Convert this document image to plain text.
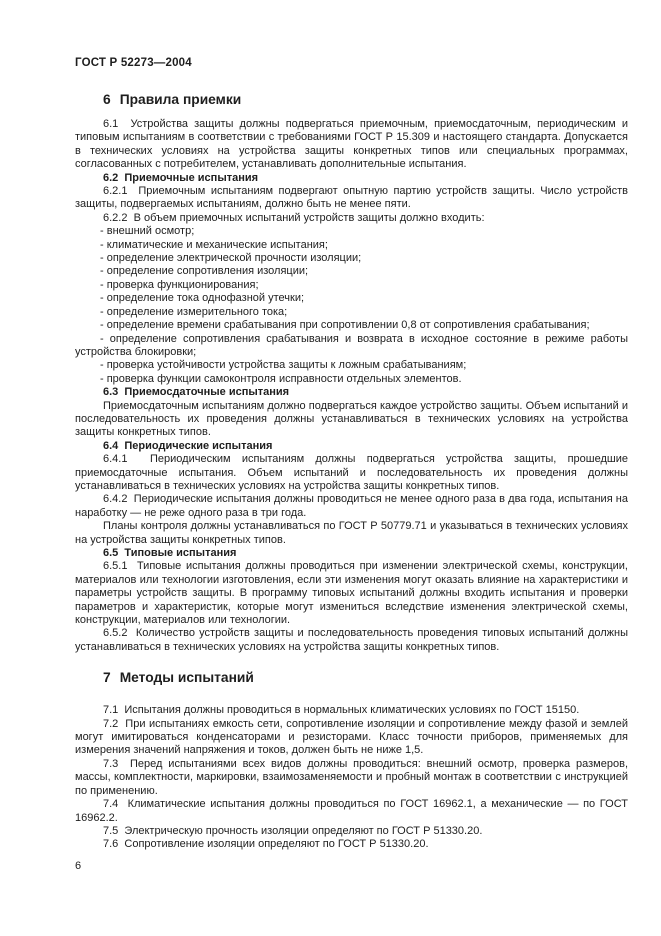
ГОСТ Р 52273—2004
6 Правила приемки

6.1  Устройства защиты должны подвергаться приемочным, приемосдаточным, периодическим и типовым испытаниям в соответствии с требованиями ГОСТ Р 15.309 и настоящего стандарта. Допускается в технических условиях на устройства защиты конкретных типов или специальных программах, согласованных с потребителем, устанавливать дополнительные испытания.

6.2  Приемочные испытания

6.2.1  Приемочным испытаниям подвергают опытную партию устройств защиты. Число устройств защиты, подвергаемых испытаниям, должно быть не менее пяти.

6.2.2  В объем приемочных испытаний устройств защиты должно входить:

- внешний осмотр;

- климатические и механические испытания;

- определение электрической прочности изоляции;

- определение сопротивления изоляции;

- проверка функционирования;

- определение тока однофазной утечки;

- определение измерительного тока;

- определение времени срабатывания при сопротивлении 0,8 от сопротивления срабатывания;

- определение сопротивления срабатывания и возврата в исходное состояние в режиме работы устройства блокировки;

- проверка устойчивости устройства защиты к ложным срабатываниям;

- проверка функции самоконтроля исправности отдельных элементов.

6.3  Приемосдаточные испытания

Приемосдаточным испытаниям должно подвергаться каждое устройство защиты. Объем испытаний и последовательность их проведения должны устанавливаться в технических условиях на устройства защиты конкретных типов.

6.4  Периодические испытания

6.4.1  Периодическим испытаниям должны подвергаться устройства защиты, прошедшие приемосдаточные испытания. Объем испытаний и последовательность их проведения должны устанавливаться в технических условиях на устройства защиты конкретных типов.

6.4.2  Периодические испытания должны проводиться не менее одного раза в два года, испытания на наработку — не реже одного раза в три года.

Планы контроля должны устанавливаться по ГОСТ Р 50779.71 и указываться в технических условиях на устройства защиты конкретных типов.

6.5  Типовые испытания

6.5.1  Типовые испытания должны проводиться при изменении электрической схемы, конструкции, материалов или технологии изготовления, если эти изменения могут оказать влияние на характеристики и параметры устройств защиты. В программу типовых испытаний должны входить испытания и проверки параметров и характеристик, которые могут измениться вследствие изменения электрической схемы, конструкции, материалов или технологии.

6.5.2  Количество устройств защиты и последовательность проведения типовых испытаний должны устанавливаться в технических условиях на устройства защиты конкретных типов.

7 Методы испытаний

7.1  Испытания должны проводиться в нормальных климатических условиях по ГОСТ 15150.

7.2  При испытаниях емкость сети, сопротивление изоляции и сопротивление между фазой и землей могут имитироваться конденсаторами и резисторами. Класс точности приборов, применяемых для измерения значений напряжения и токов, должен быть не ниже 1,5.

7.3  Перед испытаниями всех видов должны проводиться: внешний осмотр, проверка размеров, массы, комплектности, маркировки, взаимозаменяемости и пробный монтаж в соответствии с инструкцией по применению.

7.4  Климатические испытания должны проводиться по ГОСТ 16962.1, а механические — по ГОСТ 16962.2.

7.5  Электрическую прочность изоляции определяют по ГОСТ Р 51330.20.

7.6  Сопротивление изоляции определяют по ГОСТ Р 51330.20.

6
